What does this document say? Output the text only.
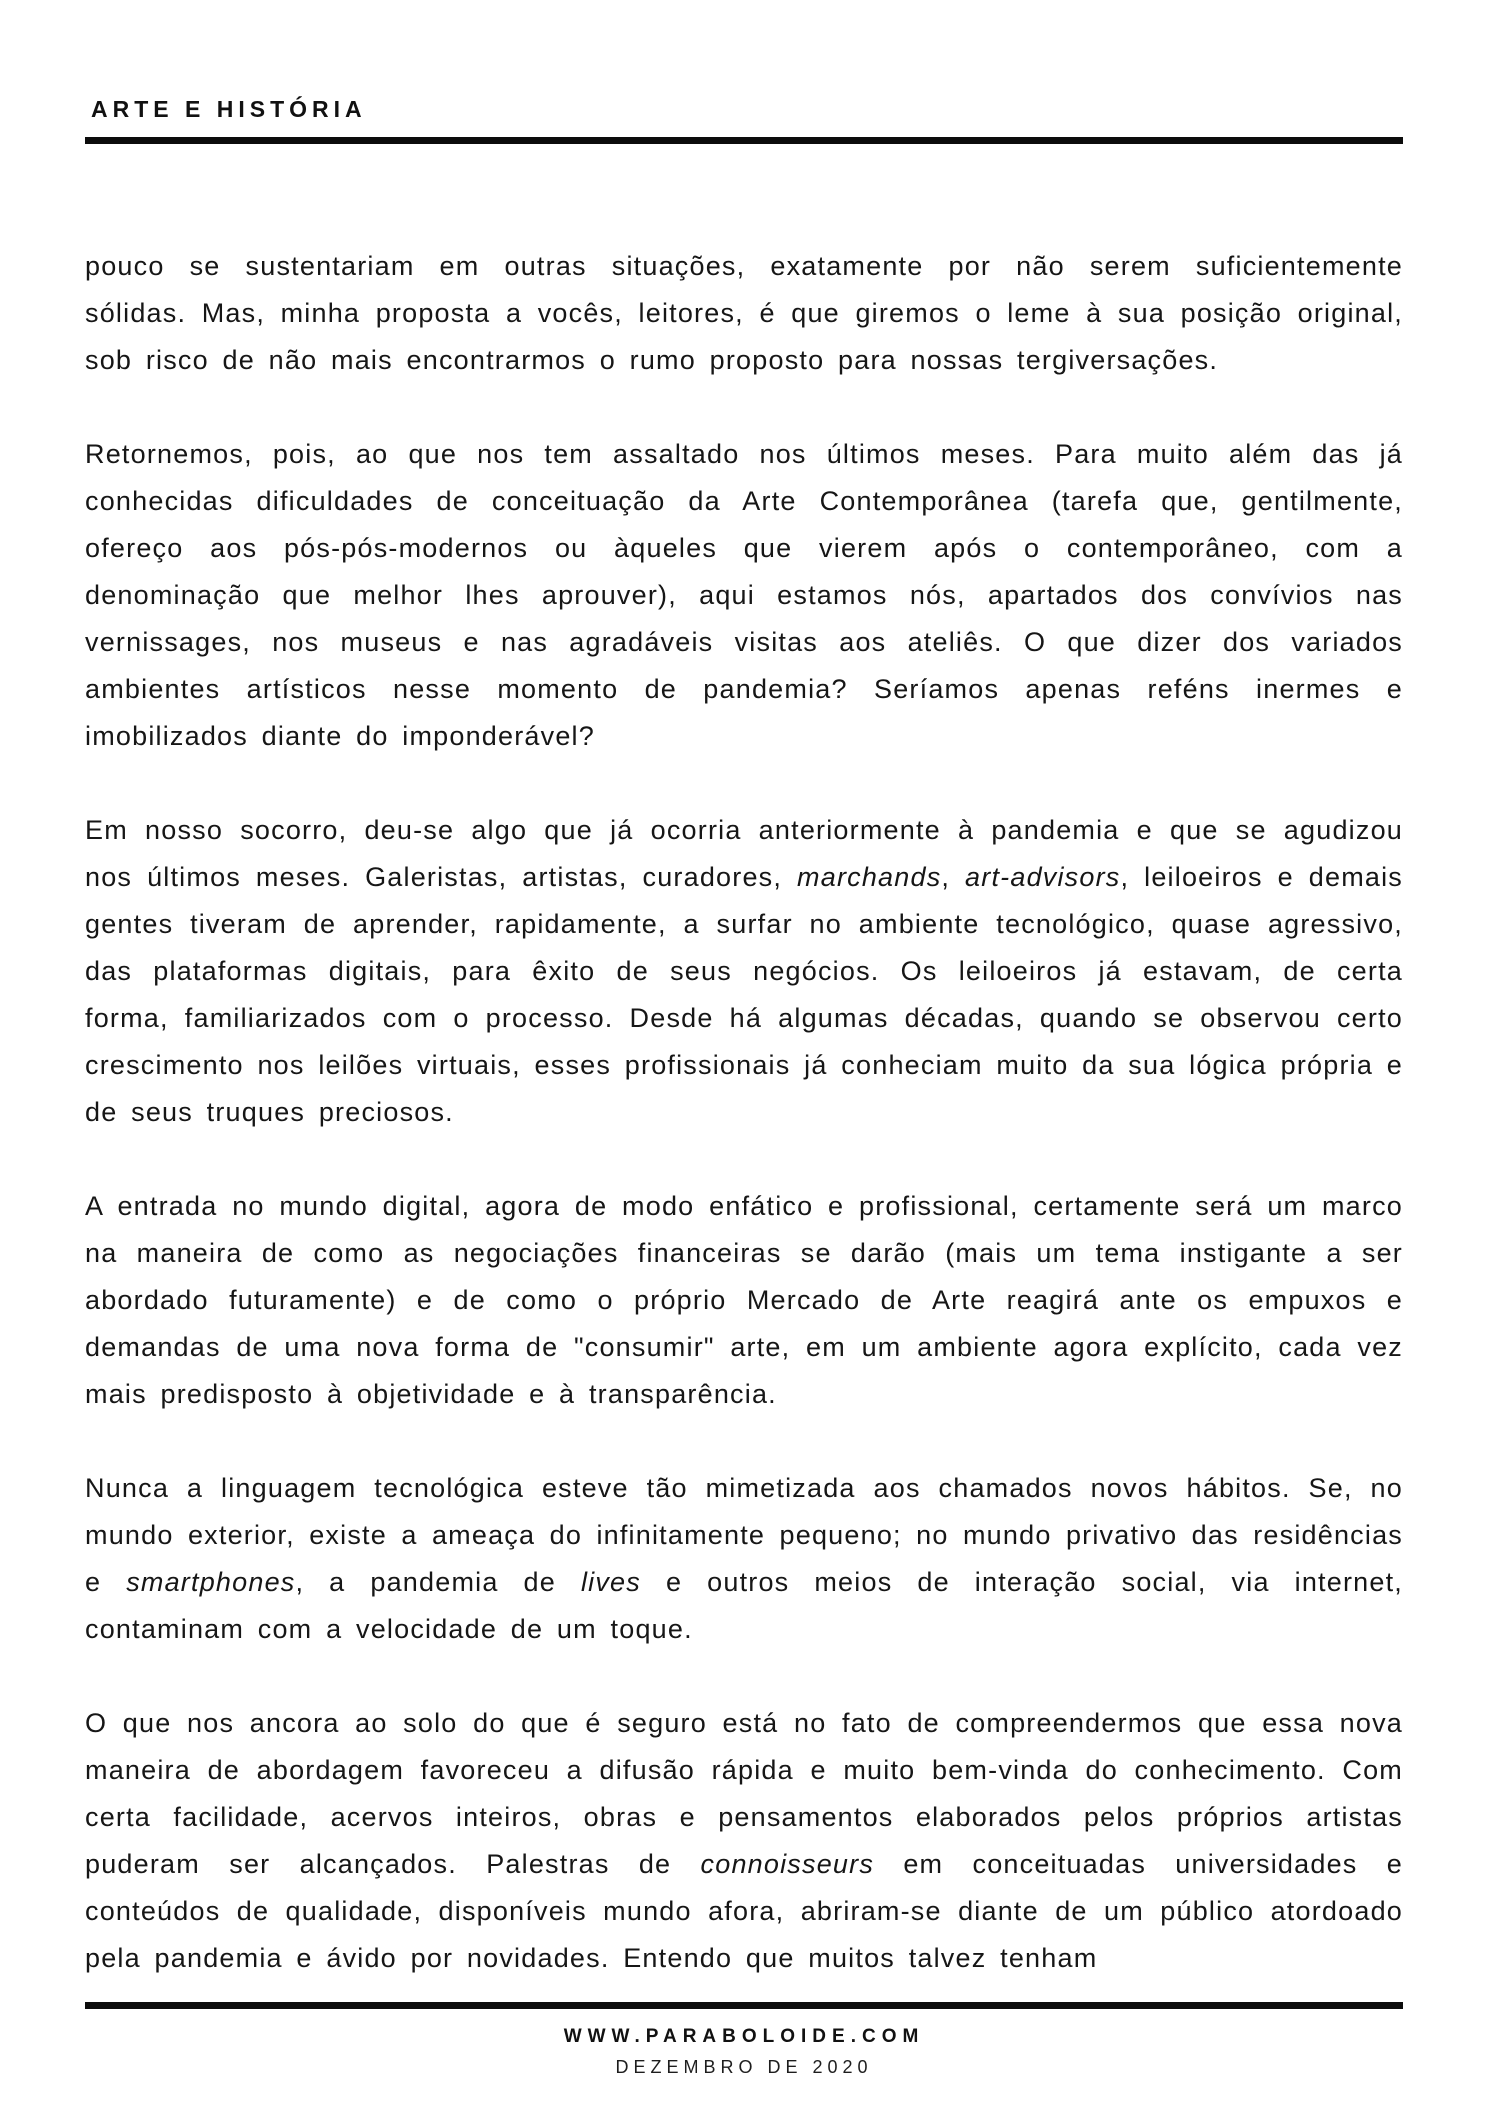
ARTE E HISTÓRIA

pouco se sustentariam em outras situações, exatamente por não serem suficientemente sólidas. Mas, minha proposta a vocês, leitores, é que giremos o leme à sua posição original, sob risco de não mais encontrarmos o rumo proposto para nossas tergiversações.

Retornemos, pois, ao que nos tem assaltado nos últimos meses. Para muito além das já conhecidas dificuldades de conceituação da Arte Contemporânea (tarefa que, gentilmente, ofereço aos pós-pós-modernos ou àqueles que vierem após o contemporâneo, com a denominação que melhor lhes aprouver), aqui estamos nós, apartados dos convívios nas vernissages, nos museus e nas agradáveis visitas aos ateliês. O que dizer dos variados ambientes artísticos nesse momento de pandemia? Seríamos apenas reféns inermes e imobilizados diante do imponderável?

Em nosso socorro, deu-se algo que já ocorria anteriormente à pandemia e que se agudizou nos últimos meses. Galeristas, artistas, curadores, marchands, art-advisors, leiloeiros e demais gentes tiveram de aprender, rapidamente, a surfar no ambiente tecnológico, quase agressivo, das plataformas digitais, para êxito de seus negócios. Os leiloeiros já estavam, de certa forma, familiarizados com o processo. Desde há algumas décadas, quando se observou certo crescimento nos leilões virtuais, esses profissionais já conheciam muito da sua lógica própria e de seus truques preciosos.

A entrada no mundo digital, agora de modo enfático e profissional, certamente será um marco na maneira de como as negociações financeiras se darão (mais um tema instigante a ser abordado futuramente) e de como o próprio Mercado de Arte reagirá ante os empuxos e demandas de uma nova forma de "consumir" arte, em um ambiente agora explícito, cada vez mais predisposto à objetividade e à transparência.

Nunca a linguagem tecnológica esteve tão mimetizada aos chamados novos hábitos. Se, no mundo exterior, existe a ameaça do infinitamente pequeno; no mundo privativo das residências e smartphones, a pandemia de lives e outros meios de interação social, via internet, contaminam com a velocidade de um toque.

O que nos ancora ao solo do que é seguro está no fato de compreendermos que essa nova maneira de abordagem favoreceu a difusão rápida e muito bem-vinda do conhecimento. Com certa facilidade, acervos inteiros, obras e pensamentos elaborados pelos próprios artistas puderam ser alcançados. Palestras de connoisseurs em conceituadas universidades e conteúdos de qualidade, disponíveis mundo afora, abriram-se diante de um público atordoado pela pandemia e ávido por novidades. Entendo que muitos talvez tenham

WWW.PARABOLOIDE.COM
DEZEMBRO DE 2020
